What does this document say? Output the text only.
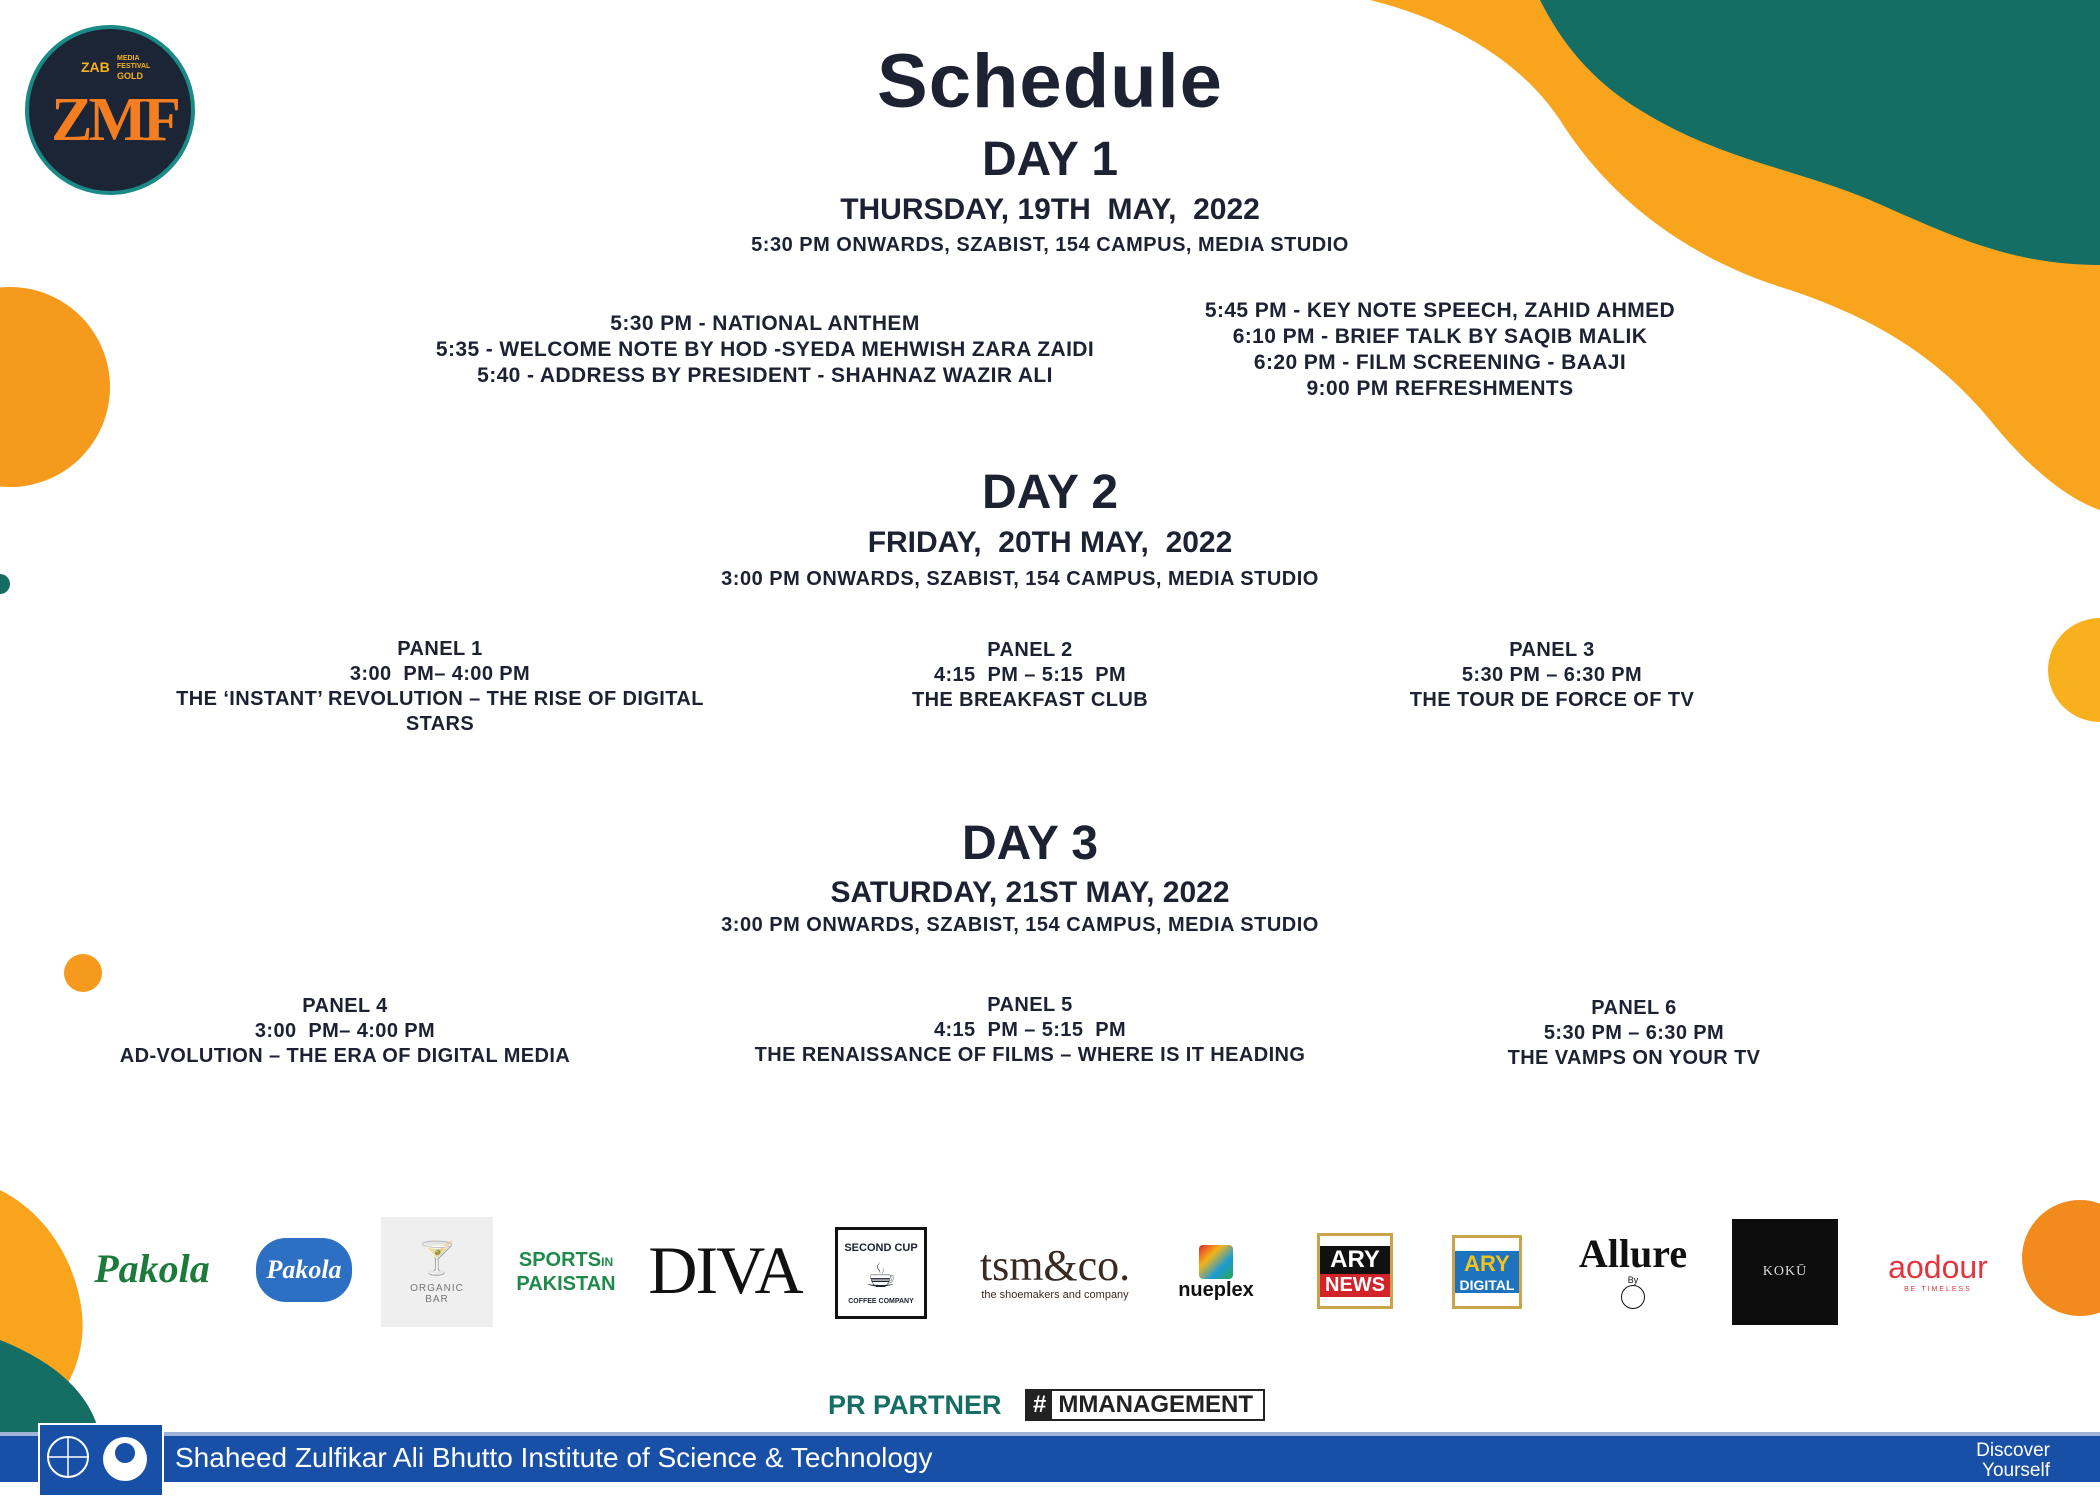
ZAB
MEDIA
FESTIVAL
GOLD
ZMF	Schedule
DAY 1
THURSDAY, 19TH  MAY,  2022
5:30 PM ONWARDS, SZABIST, 154 CAMPUS, MEDIA STUDIO
5:30 PM - NATIONAL ANTHEM
5:35 - WELCOME NOTE BY HOD -SYEDA MEHWISH ZARA ZAIDI
5:40 - ADDRESS BY PRESIDENT - SHAHNAZ WAZIR ALI
5:45 PM - KEY NOTE SPEECH, ZAHID AHMED
6:10 PM - BRIEF TALK BY SAQIB MALIK
6:20 PM - FILM SCREENING - BAAJI
9:00 PM REFRESHMENTS
DAY 2
FRIDAY,  20TH MAY,  2022
3:00 PM ONWARDS, SZABIST, 154 CAMPUS, MEDIA STUDIO
PANEL 1
3:00  PM– 4:00 PM
THE ‘INSTANT’ REVOLUTION – THE RISE OF DIGITAL STARS
PANEL 2
4:15  PM – 5:15  PM
THE BREAKFAST CLUB
PANEL 3
5:30 PM – 6:30 PM
THE TOUR DE FORCE OF TV
DAY 3
SATURDAY, 21ST MAY, 2022
3:00 PM ONWARDS, SZABIST, 154 CAMPUS, MEDIA STUDIO
PANEL 4
3:00  PM– 4:00 PM
AD-VOLUTION – THE ERA OF DIGITAL MEDIA
PANEL 5
4:15  PM – 5:15  PM
THE RENAISSANCE OF FILMS – WHERE IS IT HEADING
PANEL 6
5:30 PM – 6:30 PM
THE VAMPS ON YOUR TV
Pakola Pakola 🍸
ORGANIC BAR
SPORTSIN
PAKISTAN DIVA	SECOND CUP
☕
COFFEE COMPANY
tsm&co.
the shoemakers and company nueplex
ARY
NEWS
ARY
DIGITAL
Allure
By
KOKŪ	aodour
BE TIMELESS
PR PARTNER # MMANAGEMENT
Shaheed Zulfikar Ali Bhutto Institute of Science & Technology	Discover
Yourself
